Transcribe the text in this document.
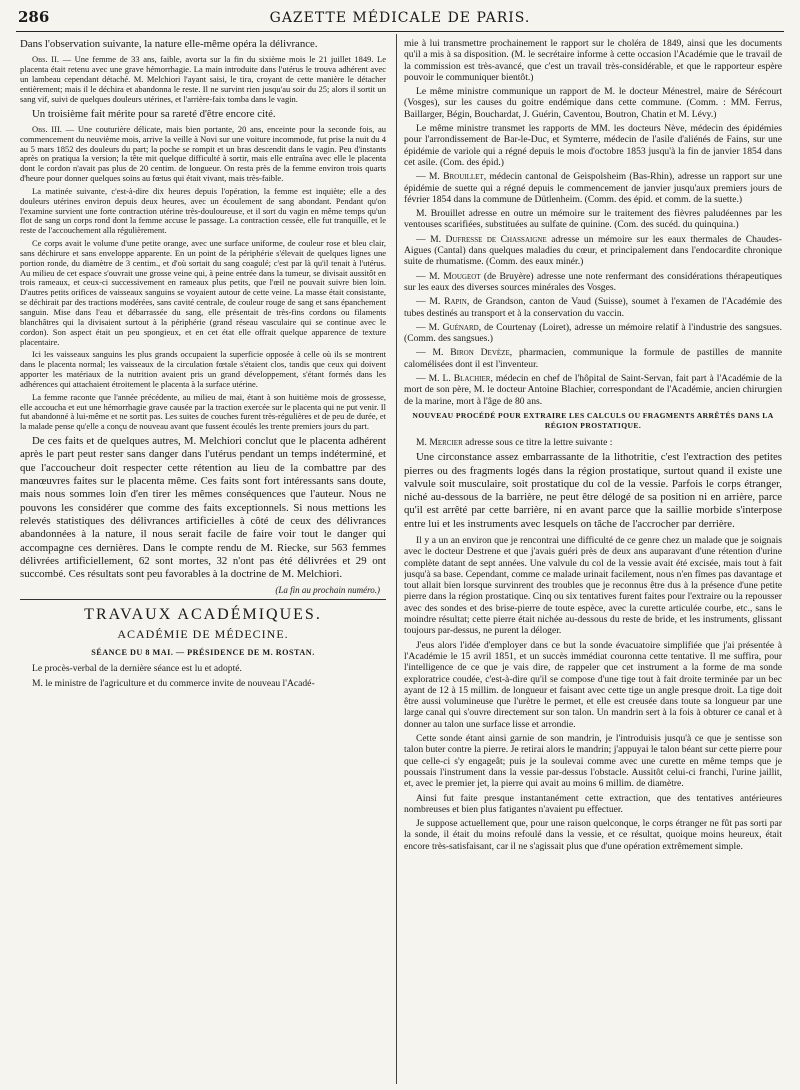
286	GAZETTE MÉDICALE DE PARIS.

Dans l'observation suivante, la nature elle-même opéra la délivrance.

Obs. II. — Une femme de 33 ans, faible, avorta sur la fin du sixième mois le 21 juillet 1849. Le placenta était retenu avec une grave hémorrhagie. La main introduite dans l'utérus le trouva adhérent avec un lambeau cependant détaché. M. Melchiori l'ayant saisi, le tira, croyant de cette manière le détacher entièrement; mais il le déchira et abandonna le reste. Il ne survint rien jusqu'au soir du 25; alors il sortit un sang vif, suivi de quelques douleurs utérines, et l'arrière-faix tomba dans le vagin.

Un troisième fait mérite pour sa rareté d'être encore cité.

Obs. III. — Une couturière délicate, mais bien portante, 20 ans, enceinte pour la seconde fois, au commencement du neuvième mois, arrive la veille à Novi sur une voiture incommode, fut prise la nuit du 4 au 5 mars 1852 des douleurs du part; la poche se rompit et un bras descendit dans le vagin. Peu d'instants après on pratiqua la version; la tête mit quelque difficulté à sortir, mais elle entraîna avec elle le placenta dont le cordon n'avait pas plus de 20 centim. de longueur. On resta près de la femme environ trois quarts d'heure pour donner quelques soins au fœtus qui était vivant, mais très-faible.

La matinée suivante, c'est-à-dire dix heures depuis l'opération, la femme est inquiète; elle a des douleurs utérines environ depuis deux heures, avec un écoulement de sang abondant. Pendant qu'on l'examine survient une forte contraction utérine très-douloureuse, et il sort du vagin en même temps qu'un flot de sang un corps rond dont la femme accuse le passage. La contraction cessée, elle fut tranquille, et le reste de l'accouchement alla régulièrement.

Ce corps avait le volume d'une petite orange, avec une surface uniforme, de couleur rose et bleu clair, sans déchirure et sans enveloppe apparente. En un point de la périphérie s'élevait de quelques lignes une portion ronde, du diamètre de 3 centim., et d'où sortait du sang coagulé; c'est par là qu'il tenait à l'utérus. Au milieu de cet espace s'ouvrait une grosse veine qui, à peine entrée dans la tumeur, se divisait aussitôt en trois rameaux, et ceux-ci successivement en rameaux plus petits, que l'œil ne pouvait suivre bien loin. D'autres petits orifices de vaisseaux sanguins se voyaient autour de cette veine. La masse était consistante, se déchirait par des tractions modérées, sans cavité centrale, de couleur rouge de sang et sans épanchement sanguin. Mise dans l'eau et débarrassée du sang, elle présentait de très-fins cordons ou filaments blanchâtres qui la divisaient surtout à la périphérie (grand réseau vasculaire qui se continue avec le cordon). Son aspect était un peu spongieux, et en cet état elle offrait quelque apparence de texture placentaire.

Ici les vaisseaux sanguins les plus grands occupaient la superficie opposée à celle où ils se montrent dans le placenta normal; les vaisseaux de la circulation fœtale s'étaient clos, tandis que ceux qui doivent apporter les matériaux de la nutrition avaient pris un grand développement, s'étant formés dans les adhérences qui attachaient étroitement le placenta à la surface utérine.

La femme raconte que l'année précédente, au milieu de mai, étant à son huitième mois de grossesse, elle accoucha et eut une hémorrhagie grave causée par la traction exercée sur le placenta qui ne put venir. Il fut abandonné à lui-même et ne sortit pas. Les suites de couches furent très-régulières et de peu de durée, et la malade pense qu'elle a conçu de nouveau avant que fussent écoulés les trente premiers jours du part.

De ces faits et de quelques autres, M. Melchiori conclut que le placenta adhérent après le part peut rester sans danger dans l'utérus pendant un temps indéterminé, et que l'accoucheur doit respecter cette rétention au lieu de la combattre par des manœuvres faites sur le placenta même. Ces faits sont fort intéressants sans doute, mais nous sommes loin d'en tirer les mêmes conséquences que l'auteur. Nous ne pouvons les considérer que comme des faits exceptionnels. Si nous mettions les relevés statistiques des délivrances artificielles à côté de ceux des délivrances abandonnées à la nature, il nous serait facile de faire voir tout le danger qui accompagne ces dernières. Dans le compte rendu de M. Riecke, sur 563 femmes délivrées artificiellement, 62 sont mortes, 32 n'ont pas été délivrées et 29 ont succombé. Ces résultats sont peu favorables à la doctrine de M. Melchiori.

(La fin au prochain numéro.)

TRAVAUX ACADÉMIQUES.
ACADÉMIE DE MÉDECINE.
SÉANCE DU 8 MAI. — PRÉSIDENCE DE M. ROSTAN.

Le procès-verbal de la dernière séance est lu et adopté.

M. le ministre de l'agriculture et du commerce invite de nouveau l'Acadé-

mie à lui transmettre prochainement le rapport sur le choléra de 1849, ainsi que les documents qu'il a mis à sa disposition. (M. le secrétaire informe à cette occasion l'Académie que le travail de la commission est très-avancé, que c'est un travail très-considérable, et que le rapporteur espère pouvoir le communiquer bientôt.)

Le même ministre communique un rapport de M. le docteur Ménestrel, maire de Sérécourt (Vosges), sur les causes du goitre endémique dans cette commune. (Comm. : MM. Ferrus, Baillarger, Bégin, Bouchardat, J. Guérin, Caventou, Boutron, Chatin et M. Lévy.)

Le même ministre transmet les rapports de MM. les docteurs Nève, médecin des épidémies pour l'arrondissement de Bar-le-Duc, et Symterre, médecin de l'asile d'aliénés de Fains, sur une épidémie de variole qui a régné depuis le mois d'octobre 1853 jusqu'à la fin de janvier 1854 dans cet asile. (Com. des épid.)

— M. Brouillet, médecin cantonal de Geispolsheim (Bas-Rhin), adresse un rapport sur une épidémie de suette qui a régné depuis le commencement de janvier jusqu'aux premiers jours de février 1854 dans la commune de Dütlenheim. (Comm. des épid. et comm. de la suette.)

M. Brouillet adresse en outre un mémoire sur le traitement des fièvres paludéennes par les ventouses scarifiées, substituées au sulfate de quinine. (Com. des sucéd. du quinquina.)

— M. Dufresse de Chassaigne adresse un mémoire sur les eaux thermales de Chaudes-Aigues (Cantal) dans quelques maladies du cœur, et principalement dans l'endocardite chronique suite de rhumatisme. (Comm. des eaux minér.)

— M. Mougeot (de Bruyère) adresse une note renfermant des considérations thérapeutiques sur les eaux des diverses sources minérales des Vosges.

— M. Rapin, de Grandson, canton de Vaud (Suisse), soumet à l'examen de l'Académie des tubes destinés au transport et à la conservation du vaccin.

— M. Guénard, de Courtenay (Loiret), adresse un mémoire relatif à l'industrie des sangsues. (Comm. des sangsues.)

— M. Biron Devèze, pharmacien, communique la formule de pastilles de mannite calomélisées dont il est l'inventeur.

— M. L. Blachier, médecin en chef de l'hôpital de Saint-Servan, fait part à l'Académie de la mort de son père, M. le docteur Antoine Blachier, correspondant de l'Académie, ancien chirurgien de la marine, mort à l'âge de 80 ans.

NOUVEAU PROCÉDÉ POUR EXTRAIRE LES CALCULS OU FRAGMENTS ARRÊTÉS DANS LA RÉGION PROSTATIQUE.

M. Mercier adresse sous ce titre la lettre suivante :

Une circonstance assez embarrassante de la lithotritie, c'est l'extraction des petites pierres ou des fragments logés dans la région prostatique, surtout quand il existe une valvule soit musculaire, soit prostatique du col de la vessie. Parfois le corps étranger, niché au-dessous de la barrière, ne peut être délogé de sa position ni en arrière, parce qu'il est arrêté par cette barrière, ni en avant parce que la saillie morbide s'interpose entre lui et les instruments avec lesquels on tâche de l'accrocher par derrière.

Il y a un an environ que je rencontrai une difficulté de ce genre chez un malade que je soignais avec le docteur Destrene et que j'avais guéri près de deux ans auparavant d'une rétention d'urine complète datant de sept années. Une valvule du col de la vessie avait été excisée, mais tout à fait jusqu'à sa base. Cependant, comme ce malade urinait facilement, nous n'en fîmes pas davantage et tout allait bien lorsque survinrent des troubles que je reconnus être dus à la présence d'une petite pierre dans la région prostatique. Cinq ou six tentatives furent faites pour l'extraire ou la repousser avec des sondes et des brise-pierre de toute espèce, avec la curette articulée courbe, etc., sans le moindre résultat; cette pierre était nichée au-dessous du reste de bride, et les instruments, glissant toujours par-dessus, ne purent la déloger.

J'eus alors l'idée d'employer dans ce but la sonde évacuatoire simplifiée que j'ai présentée à l'Académie le 15 avril 1851, et un succès immédiat couronna cette tentative. Il me suffira, pour l'intelligence de ce que je vais dire, de rappeler que cet instrument a la forme de ma sonde exploratrice coudée, c'est-à-dire qu'il se compose d'une tige tout à fait droite terminée par un bec ayant de 12 à 15 millim. de longueur et faisant avec cette tige un angle presque droit. La tige doit être aussi volumineuse que l'urètre le permet, et elle est creusée dans toute sa longueur par une large canal qui s'ouvre directement sur son talon. Un mandrin sert à la fois à obturer ce canal et à donner au talon une surface lisse et arrondie.

Cette sonde étant ainsi garnie de son mandrin, je l'introduisis jusqu'à ce que je sentisse son talon buter contre la pierre. Je retirai alors le mandrin; j'appuyai le talon béant sur cette pierre pour que celle-ci s'y engageât; puis je la soulevai comme avec une curette en même temps que je poussais l'instrument dans la vessie par-dessus l'obstacle. Aussitôt celui-ci franchi, l'urine jaillit, et, avec le premier jet, la pierre qui avait au moins 6 millim. de diamètre.

Ainsi fut faite presque instantanément cette extraction, que des tentatives antérieures nombreuses et bien plus fatigantes n'avaient pu effectuer.

Je suppose actuellement que, pour une raison quelconque, le corps étranger ne fût pas sorti par la sonde, il était du moins refoulé dans la vessie, et ce résultat, quoique moins heureux, était encore très-satisfaisant, car il ne s'agissait plus que d'une opération extrêmement simple.
